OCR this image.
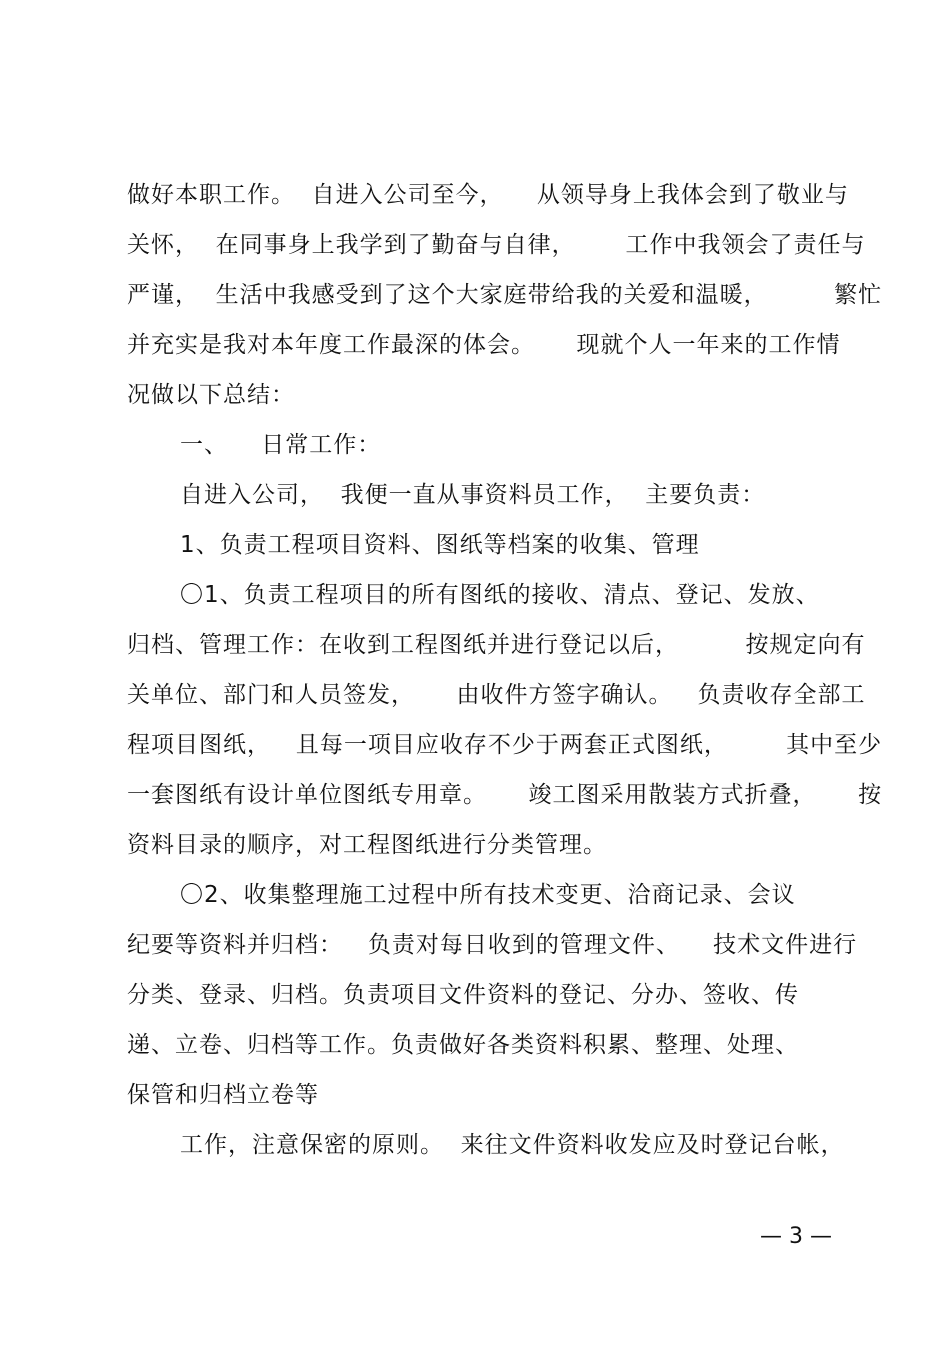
做好本职工作。  自进入公司至今，    从领导身上我体会到了敬业与
关怀，  在同事身上我学到了勤奋与自律，      工作中我领会了责任与
严谨，  生活中我感受到了这个大家庭带给我的关爱和温暖，        繁忙
并充实是我对本年度工作最深的体会。     现就个人一年来的工作情
况做以下总结：
一、    日常工作：
自进入公司，  我便一直从事资料员工作，  主要负责：
1、负责工程项目资料、图纸等档案的收集、管理
〇1、负责工程项目的所有图纸的接收、清点、登记、发放、
归档、管理工作：在收到工程图纸并进行登记以后，        按规定向有
关单位、部门和人员签发，     由收件方签字确认。   负责收存全部工
程项目图纸，   且每一项目应收存不少于两套正式图纸，       其中至少
一套图纸有设计单位图纸专用章。     竣工图采用散装方式折叠，     按
资料目录的顺序，对工程图纸进行分类管理。
〇2、收集整理施工过程中所有技术变更、洽商记录、会议
纪要等资料并归档：   负责对每日收到的管理文件、    技术文件进行
分类、登录、归档。负责项目文件资料的登记、分办、签收、传
递、立卷、归档等工作。负责做好各类资料积累、整理、处理、
保管和归档立卷等
工作，注意保密的原则。  来往文件资料收发应及时登记台帐，
— 3 —
